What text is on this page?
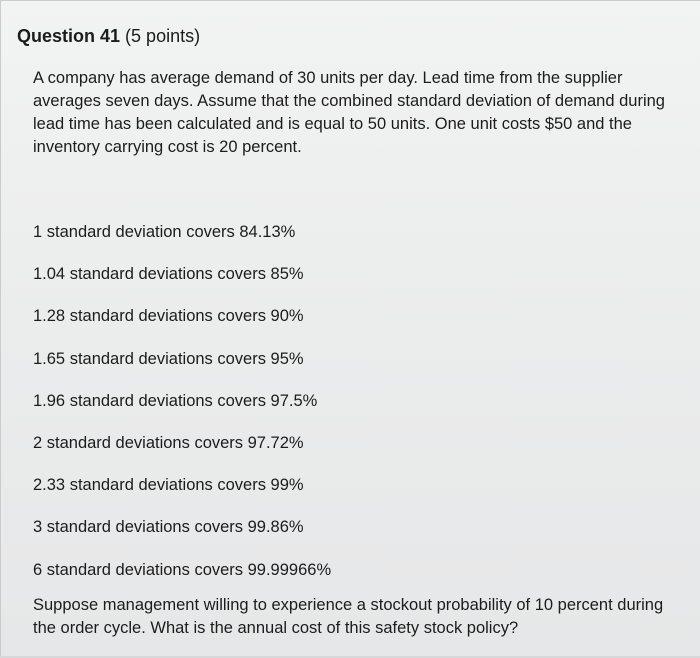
Question 41 (5 points)

A company has average demand of 30 units per day. Lead time from the supplier averages seven days. Assume that the combined standard deviation of demand during lead time has been calculated and is equal to 50 units. One unit costs $50 and the inventory carrying cost is 20 percent.

1 standard deviation covers 84.13%
1.04 standard deviations covers 85%
1.28 standard deviations covers 90%
1.65 standard deviations covers 95%
1.96 standard deviations covers 97.5%
2 standard deviations covers 97.72%
2.33 standard deviations covers 99%
3 standard deviations covers 99.86%
6 standard deviations covers 99.99966%
Suppose management willing to experience a stockout probability of 10 percent during the order cycle. What is the annual cost of this safety stock policy?
